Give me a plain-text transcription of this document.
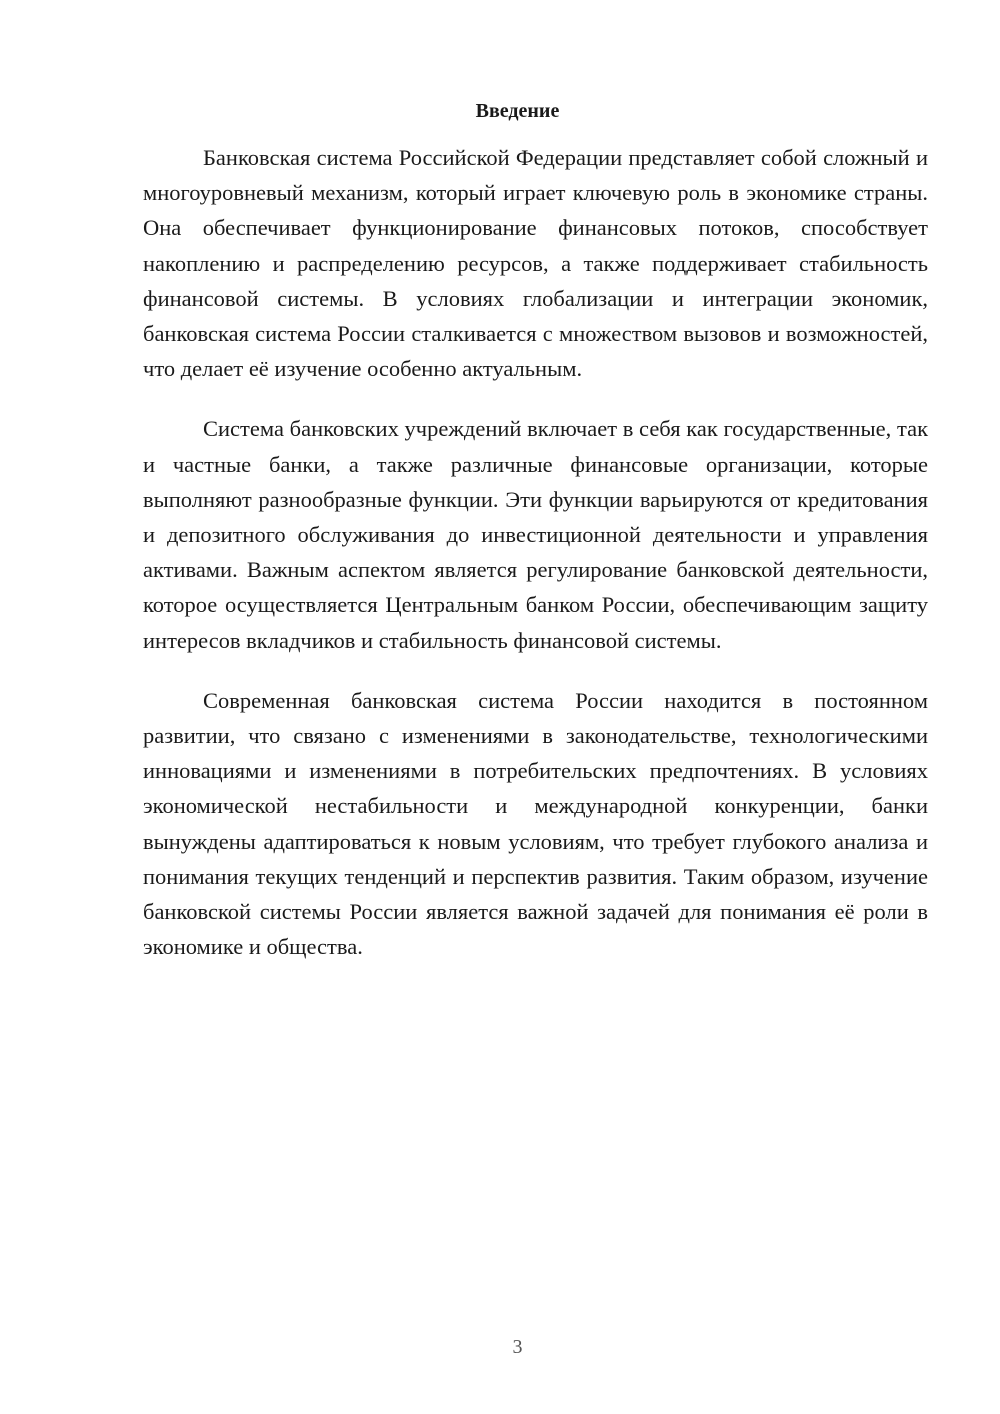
Введение

Банковская система Российской Федерации представляет собой сложный и многоуровневый механизм, который играет ключевую роль в экономике страны. Она обеспечивает функционирование финансовых потоков, способствует накоплению и распределению ресурсов, а также поддерживает стабильность финансовой системы. В условиях глобализации и интеграции экономик, банковская система России сталкивается с множеством вызовов и возможностей, что делает её изучение особенно актуальным.

Система банковских учреждений включает в себя как государственные, так и частные банки, а также различные финансовые организации, которые выполняют разнообразные функции. Эти функции варьируются от кредитования и депозитного обслуживания до инвестиционной деятельности и управления активами. Важным аспектом является регулирование банковской деятельности, которое осуществляется Центральным банком России, обеспечивающим защиту интересов вкладчиков и стабильность финансовой системы.

Современная банковская система России находится в постоянном развитии, что связано с изменениями в законодательстве, технологическими инновациями и изменениями в потребительских предпочтениях. В условиях экономической нестабильности и международной конкуренции, банки вынуждены адаптироваться к новым условиям, что требует глубокого анализа и понимания текущих тенденций и перспектив развития. Таким образом, изучение банковской системы России является важной задачей для понимания её роли в экономике и общества.

3
